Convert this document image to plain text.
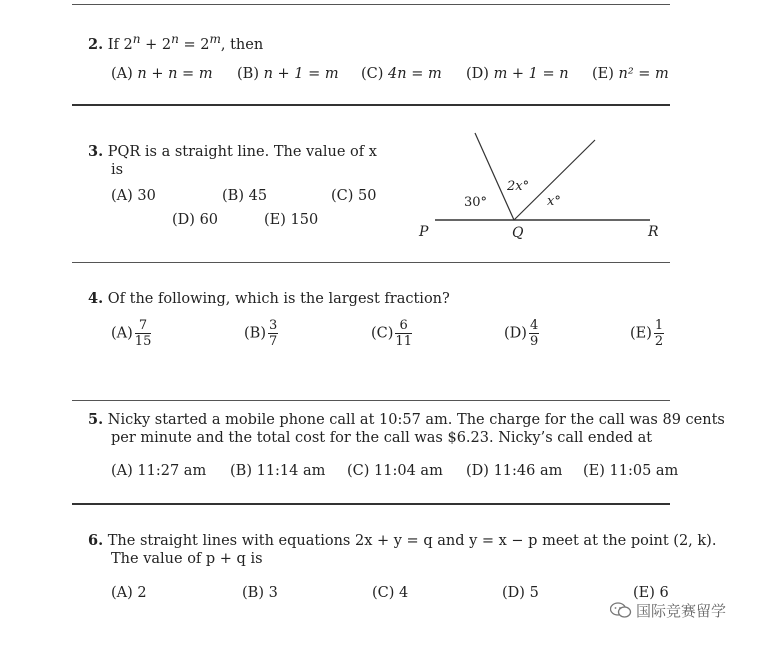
2. If $2^n + 2^n = 2^m$, then
(A) n + n = m (B) n + 1 = m (C) 4n = m (D) m + 1 = n (E) n² = m
3. PQR is a straight line. The value of x
is
(A) 30	(B) 45	(C) 50
(D) 60	(E) 150
30°
2x°
x°
P	Q	R
4. Of the following, which is the largest fraction?
$(A) \frac{7}{15}$	$(B) \frac{3}{7}$	$(C) \frac{6}{11}$	$(D) \frac{4}{9}$	$(E) \frac{1}{2}$
5. Nicky started a mobile phone call at 10:57 am. The charge for the call was 89 cents
per minute and the total cost for the call was $6.23. Nicky’s call ended at
(A) 11:27 am (B) 11:14 am (C) 11:04 am (D) 11:46 am (E) 11:05 am
6. The straight lines with equations 2x + y = q and y = x − p meet at the point (2, k).
The value of p + q is
(A) 2	(B) 3	(C) 4	(D) 5	(E) 6
国际竞赛留学
